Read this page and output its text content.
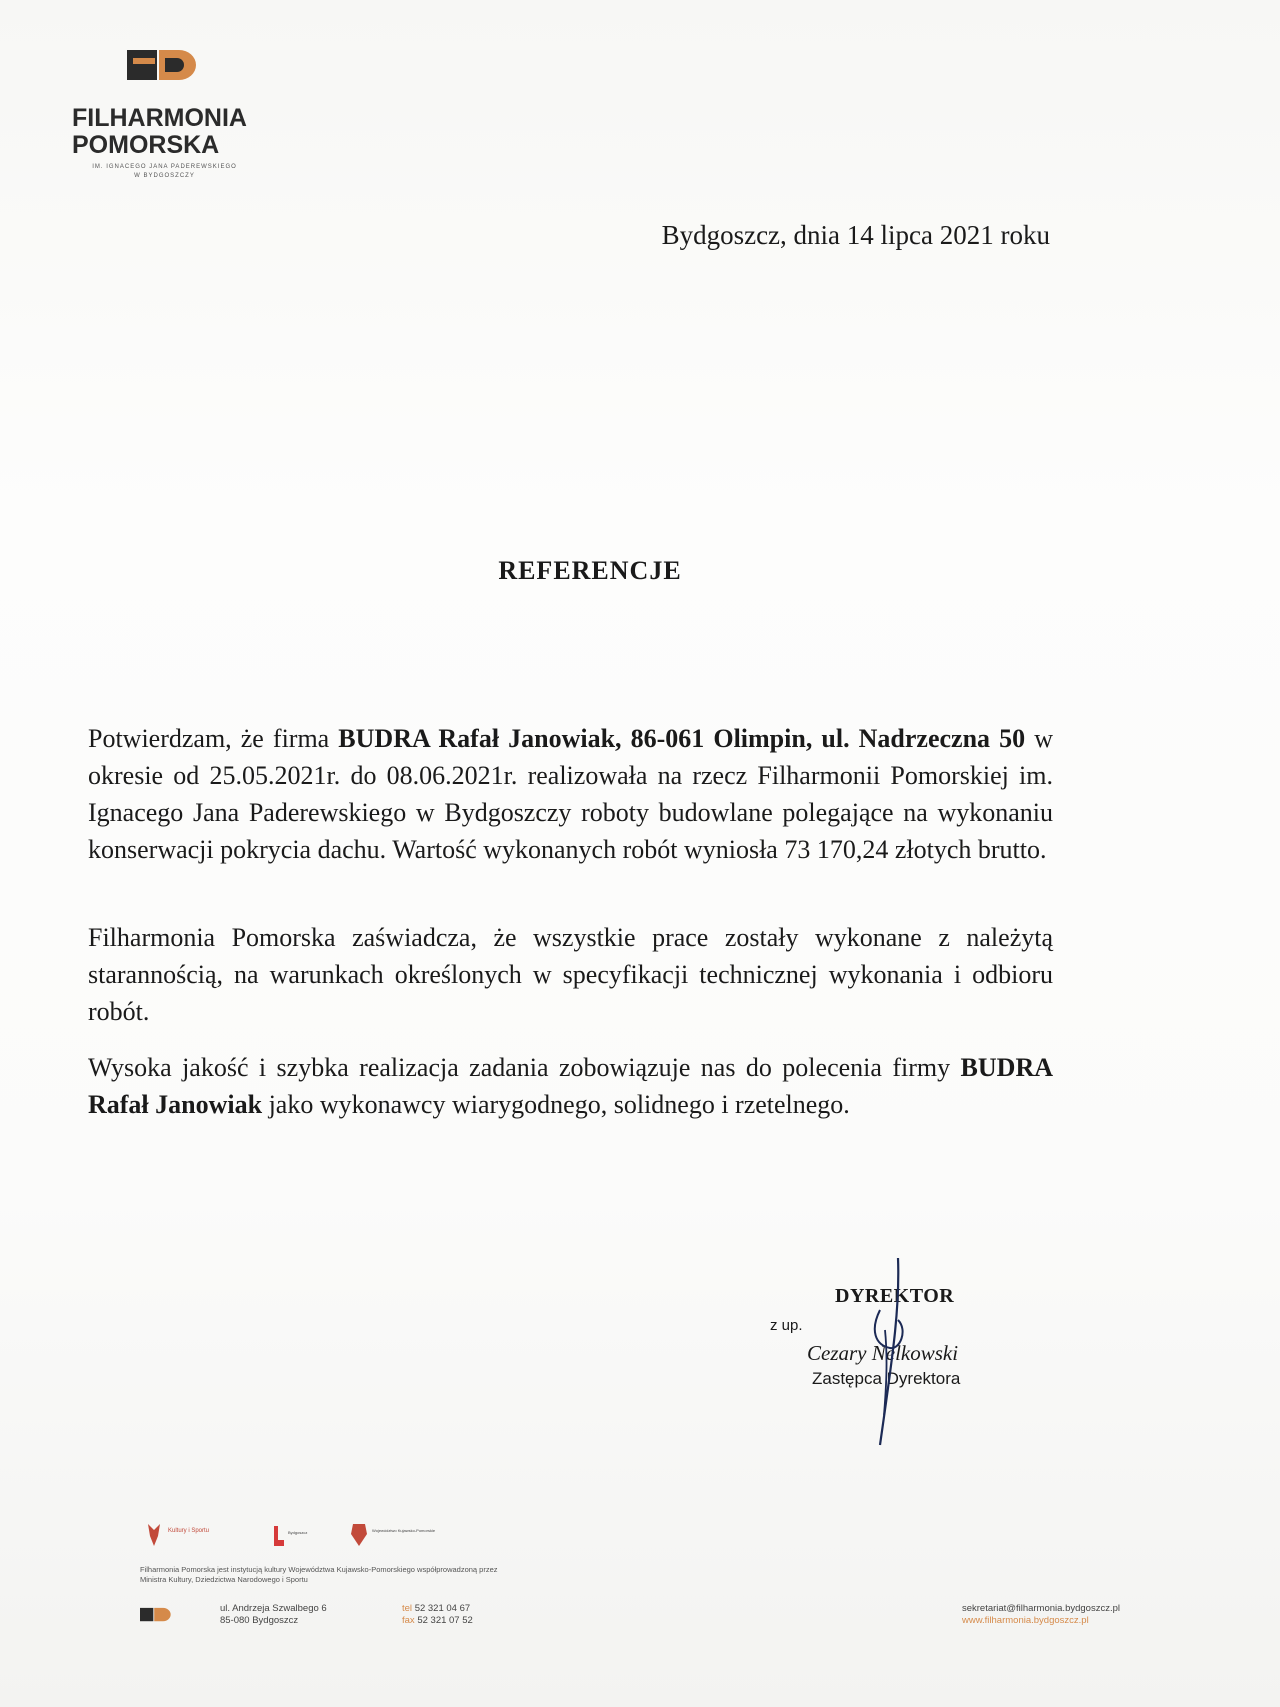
FILHARMONIA
POMORSKA
IM. IGNACEGO JANA PADEREWSKIEGO
W BYDGOSZCZY
Bydgoszcz, dnia 14 lipca 2021 roku
REFERENCJE

Potwierdzam, że firma BUDRA Rafał Janowiak, 86-061 Olimpin, ul. Nadrzeczna 50 w okresie od 25.05.2021r. do 08.06.2021r. realizowała na rzecz Filharmonii Pomorskiej im. Ignacego Jana Paderewskiego w Bydgoszczy roboty budowlane polegające na wykonaniu konserwacji pokrycia dachu. Wartość wykonanych robót wyniosła 73 170,24 złotych brutto.

Filharmonia Pomorska zaświadcza, że wszystkie prace zostały wykonane z należytą starannością, na warunkach określonych w specyfikacji technicznej wykonania i odbioru robót.

Wysoka jakość i szybka realizacja zadania zobowiązuje nas do polecenia firmy BUDRA Rafał Janowiak jako wykonawcy wiarygodnego, solidnego i rzetelnego.

DYREKTOR
z up.
Cezary Nelkowski
Zastępca Dyrektora
Kultury i Sportu	Bydgoszcz	Województwo Kujawsko-Pomorskie
Filharmonia Pomorska jest instytucją kultury Województwa Kujawsko-Pomorskiego współprowadzoną przez Ministra Kultury, Dziedzictwa Narodowego i Sportu
ul. Andrzeja Szwalbego 6
85-080 Bydgoszcz
tel 52 321 04 67
fax 52 321 07 52
sekretariat@filharmonia.bydgoszcz.pl
www.filharmonia.bydgoszcz.pl
